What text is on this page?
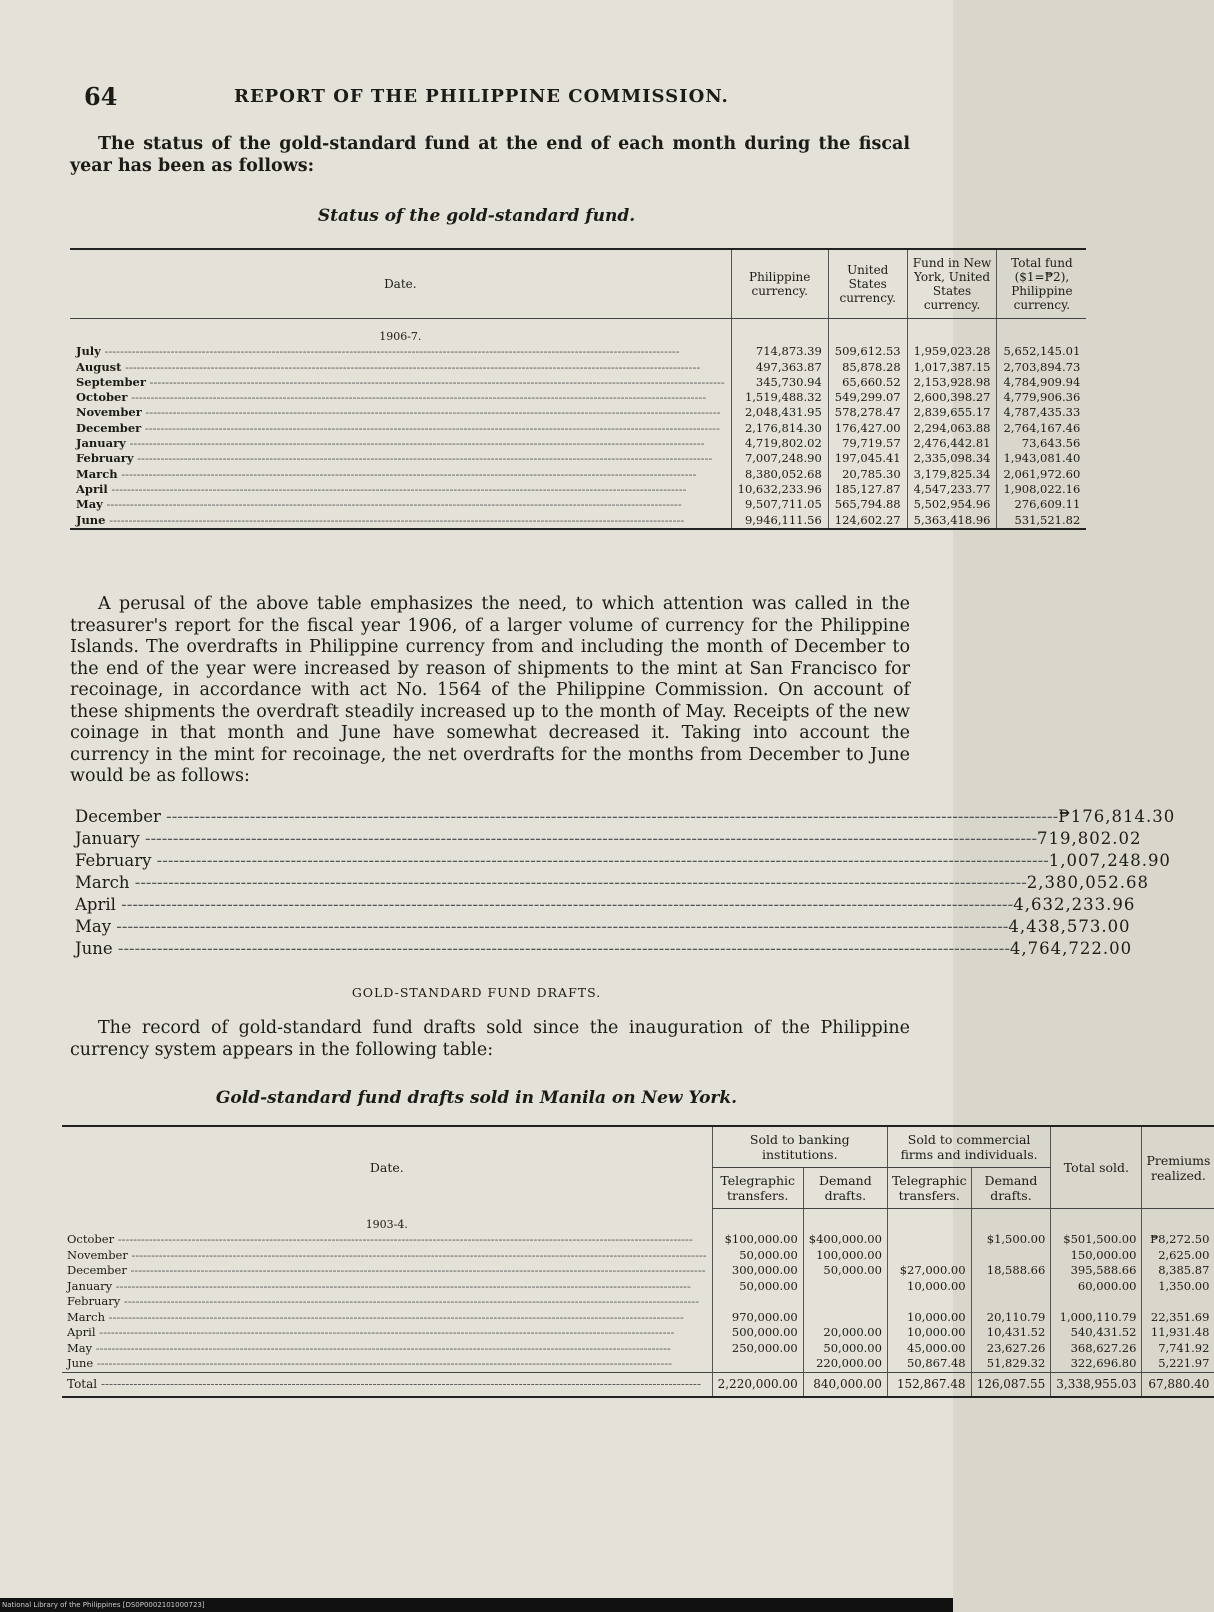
64	REPORT OF THE PHILIPPINE COMMISSION.

The status of the gold-standard fund at the end of each month during the fiscal year has been as follows:

Status of the gold-standard fund.
Date.	Philippine currency.	United States currency.	Fund in New York, United States currency.	Total fund ($1=₱2), Philippine currency.
1906-7.				

July -----	714,873.39	509,612.53	1,959,023.28	5,652,145.01

August -----	497,363.87	85,878.28	1,017,387.15	2,703,894.73

September -----	345,730.94	65,660.52	2,153,928.98	4,784,909.94

October -----	1,519,488.32	549,299.07	2,600,398.27	4,779,906.36

November -----	2,048,431.95	578,278.47	2,839,655.17	4,787,435.33

December -----	2,176,814.30	176,427.00	2,294,063.88	2,764,167.46

January -----	4,719,802.02	79,719.57	2,476,442.81	73,643.56

February -----	7,007,248.90	197,045.41	2,335,098.34	1,943,081.40

March -----	8,380,052.68	20,785.30	3,179,825.34	2,061,972.60

April -----	10,632,233.96	185,127.87	4,547,233.77	1,908,022.16

May -----	9,507,711.05	565,794.88	5,502,954.96	276,609.11

June -----	9,946,111.56	124,602.27	5,363,418.96	531,521.82

A perusal of the above table emphasizes the need, to which attention was called in the treasurer's report for the fiscal year 1906, of a larger volume of currency for the Philippine Islands. The overdrafts in Philippine currency from and including the month of December to the end of the year were increased by reason of shipments to the mint at San Francisco for recoinage, in accordance with act No. 1564 of the Philippine Commission. On account of these shipments the overdraft steadily increased up to the month of May. Receipts of the new coinage in that month and June have somewhat decreased it. Taking into account the currency in the mint for recoinage, the net overdrafts for the months from December to June would be as follows:

December -----	₱176,814.30
January -----	719,802.02
February -----	1,007,248.90
March -----	2,380,052.68
April -----	4,632,233.96
May -----	4,438,573.00
June -----	4,764,722.00
GOLD-STANDARD FUND DRAFTS.

The record of gold-standard fund drafts sold since the inauguration of the Philippine currency system appears in the following table:

Gold-standard fund drafts sold in Manila on New York.
Date.	Sold to banking institutions.		Sold to commercial firms and individuals.		Total sold.	Premiums realized.
	Telegraphic transfers.	Demand drafts.	Telegraphic transfers.	Demand drafts.		
1903-4.						

October -----	$100,000.00	$400,000.00		$1,500.00	$501,500.00	₱8,272.50

November -----	50,000.00	100,000.00			150,000.00	2,625.00

December -----	300,000.00	50,000.00	$27,000.00	18,588.66	395,588.66	8,385.87

January -----	50,000.00		10,000.00		60,000.00	1,350.00

February -----

March -----	970,000.00		10,000.00	20,110.79	1,000,110.79	22,351.69

April -----	500,000.00	20,000.00	10,000.00	10,431.52	540,431.52	11,931.48

May -----	250,000.00	50,000.00	45,000.00	23,627.26	368,627.26	7,741.92

June -----		220,000.00	50,867.48	51,829.32	322,696.80	5,221.97

Total -----	2,220,000.00	840,000.00	152,867.48	126,087.55	3,338,955.03	67,880.40
National Library of the Philippines [DS0P0002101000723]
